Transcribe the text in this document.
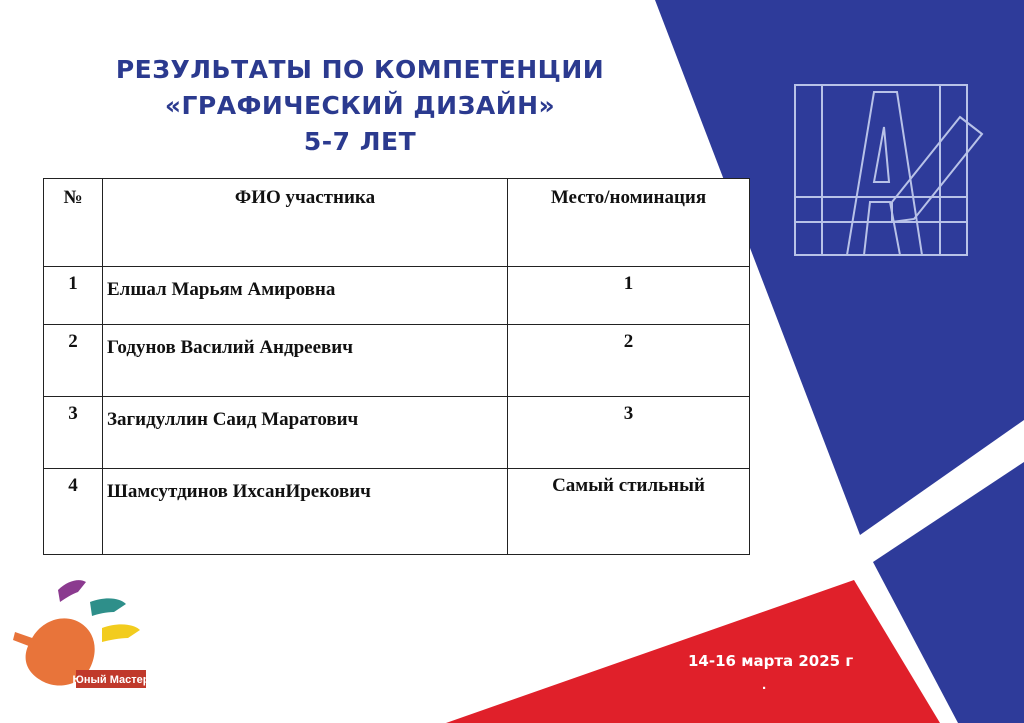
РЕЗУЛЬТАТЫ ПО КОМПЕТЕНЦИИ
«ГРАФИЧЕСКИЙ ДИЗАЙН»
5-7 ЛЕТ
№	ФИО участника	Место/номинация
1	Елшал Марьям Амировна	1
2	Годунов Василий Андреевич	2
3	Загидуллин Саид Маратович	3
4	Шамсутдинов ИхсанИрекович	Самый стильный
Юный Мастер
14-16 марта 2025 г
.
